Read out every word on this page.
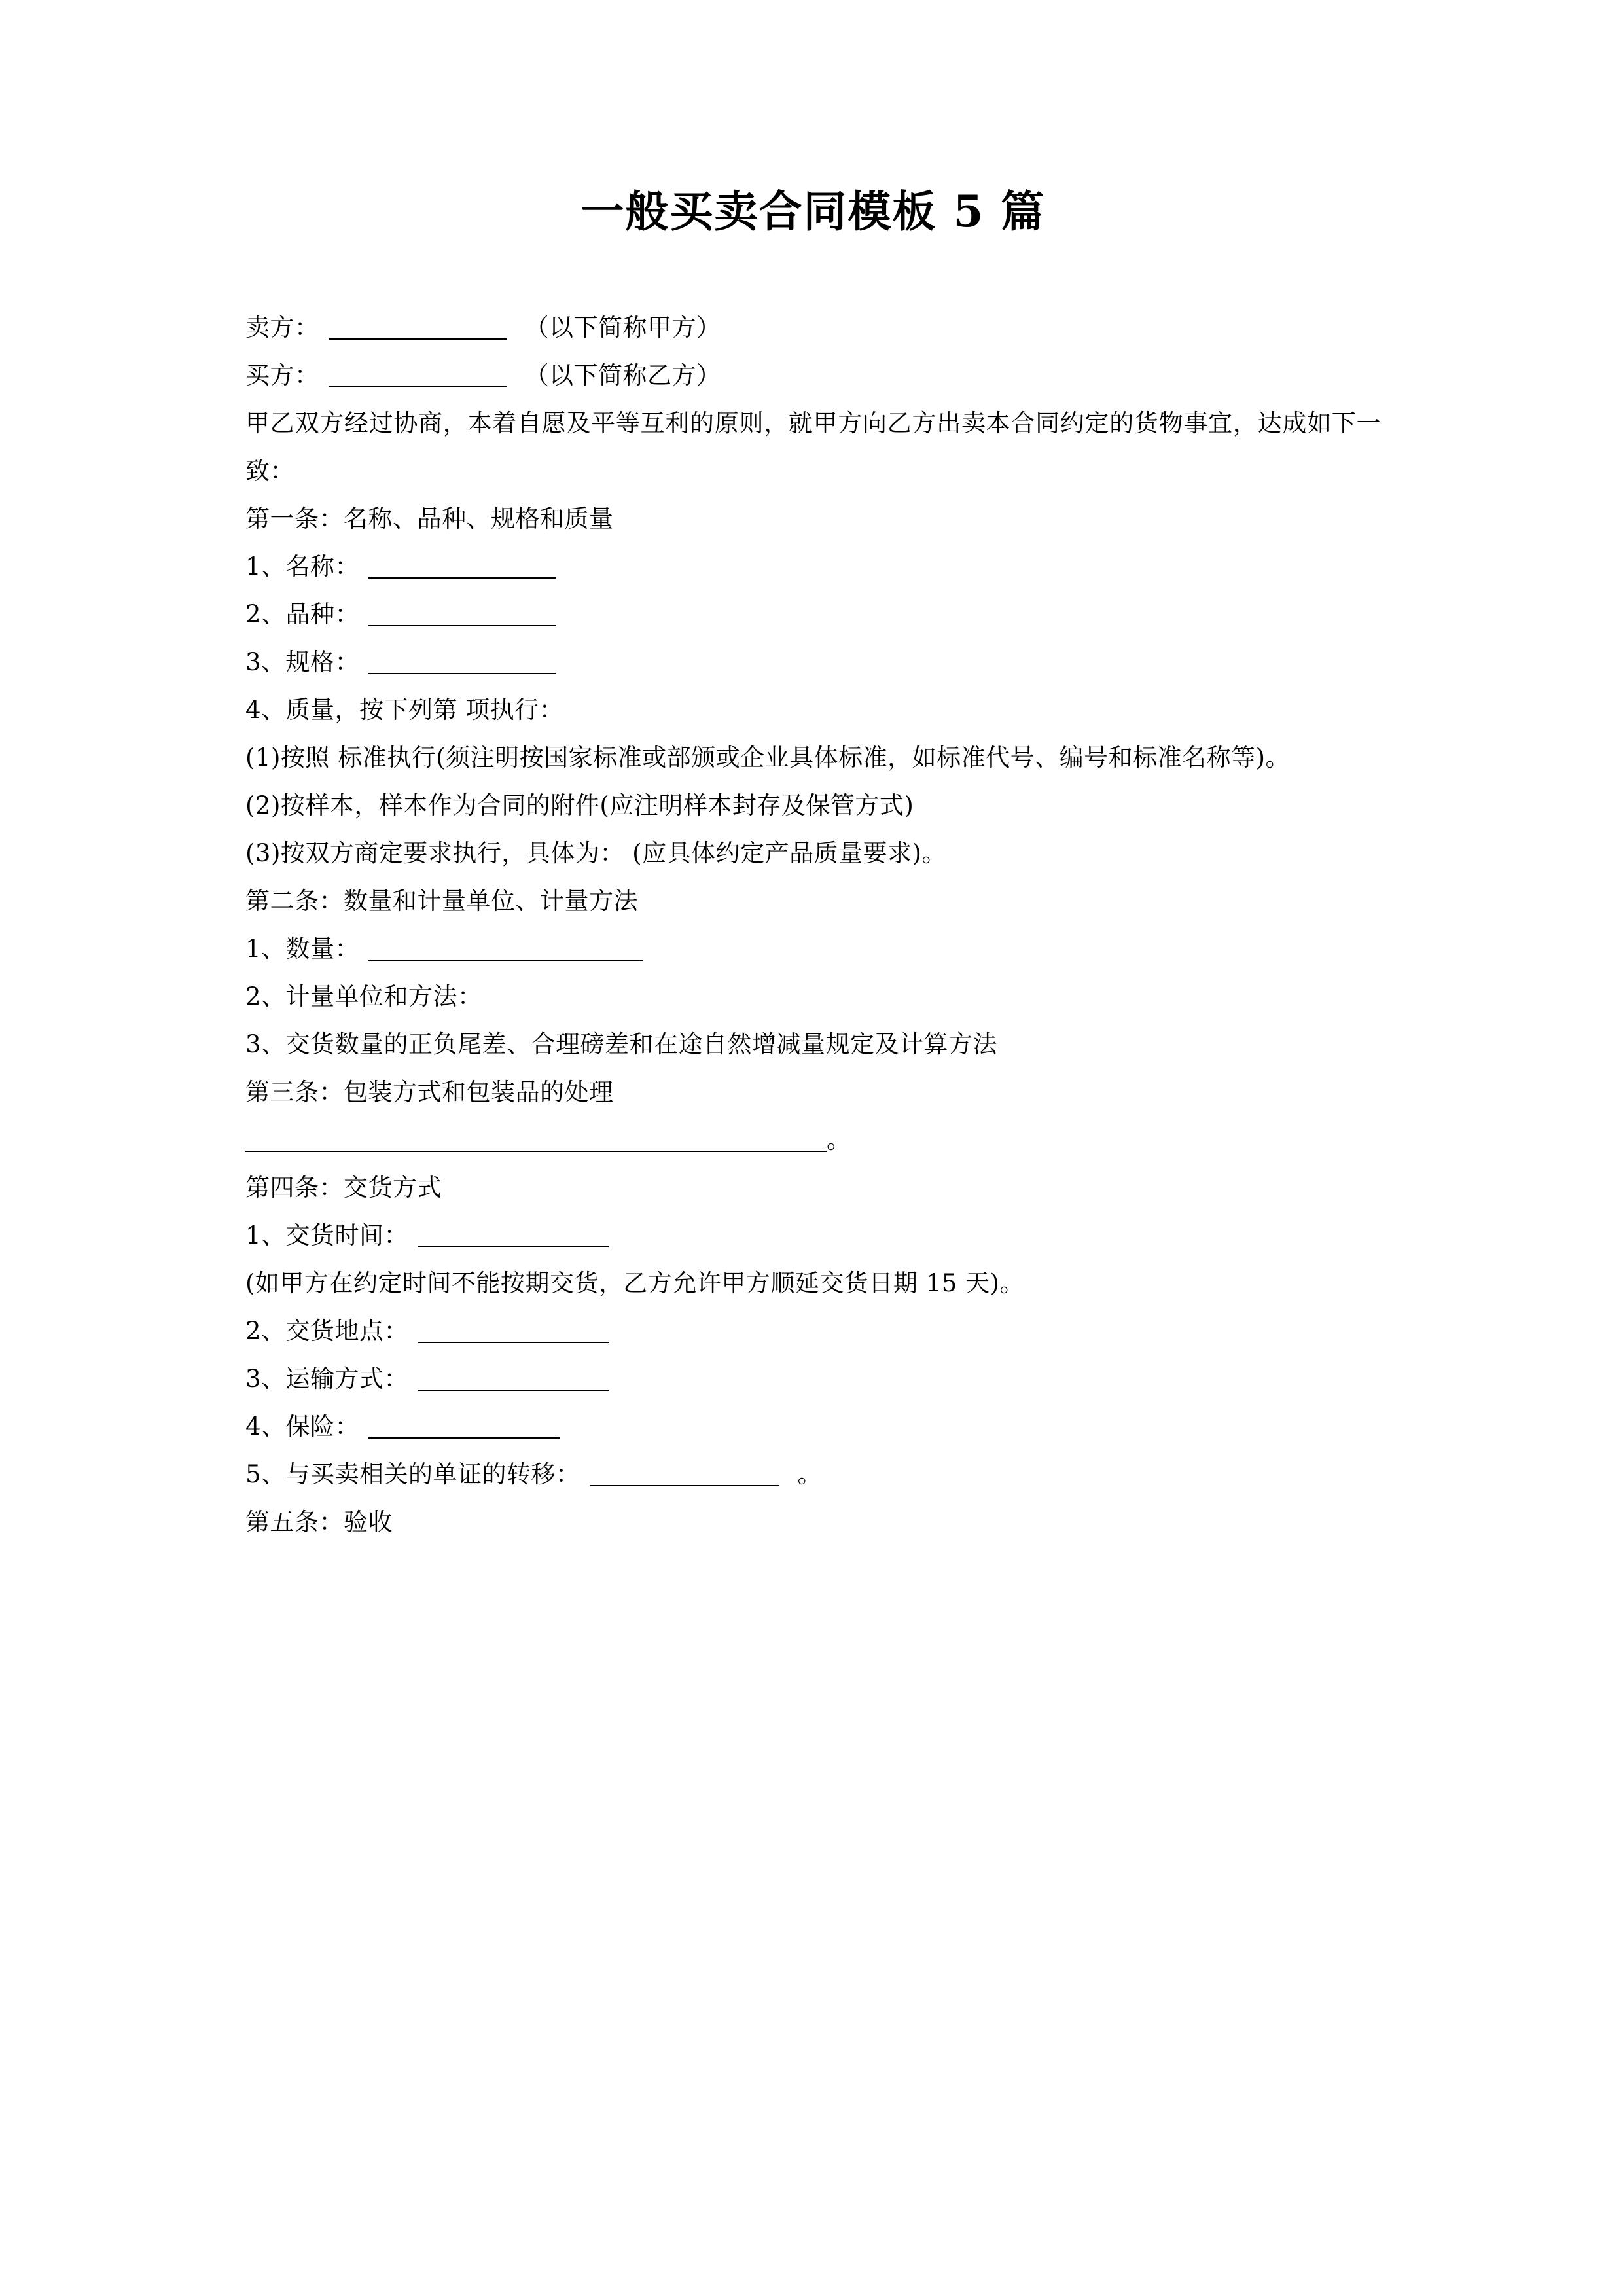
一般买卖合同模板 5 篇

卖方：	（以下简称甲方）

买方：	（以下简称乙方）

甲乙双方经过协商，本着自愿及平等互利的原则，就甲方向乙方出卖本合同约定的货物事宜，达成如下一致：

第一条：名称、品种、规格和质量

1、名称：

2、品种：

3、规格：

4、质量，按下列第 项执行：

(1)按照 标准执行(须注明按国家标准或部颁或企业具体标准，如标准代号、编号和标准名称等)。

(2)按样本，样本作为合同的附件(应注明样本封存及保管方式)

(3)按双方商定要求执行，具体为： (应具体约定产品质量要求)。

第二条：数量和计量单位、计量方法

1、数量：

2、计量单位和方法：

3、交货数量的正负尾差、合理磅差和在途自然增减量规定及计算方法

第三条：包装方式和包装品的处理

。

第四条：交货方式

1、交货时间：

(如甲方在约定时间不能按期交货，乙方允许甲方顺延交货日期 15 天)。

2、交货地点：

3、运输方式：

4、保险：

5、与买卖相关的单证的转移：	。

第五条：验收
